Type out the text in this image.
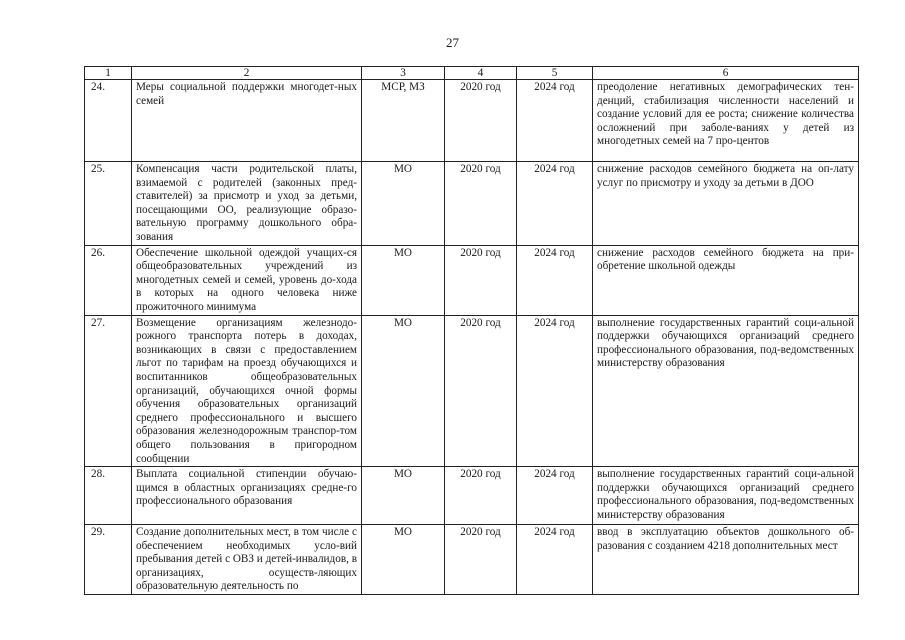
27
1	2	3	4	5	6
24.	Меры социальной поддержки многодет-ных семей	МСР, МЗ	2020 год	2024 год	преодоление негативных демографических тен-денций, стабилизация численности населений и создание условий для ее роста; снижение количества осложнений при заболе-ваниях у детей из многодетных семей на 7 про-центов
25.	Компенсация части родительской платы, взимаемой с родителей (законных пред-ставителей) за присмотр и уход за детьми, посещающими ОО, реализующие образо-вательную программу дошкольного обра-зования	МО	2020 год	2024 год	снижение расходов семейного бюджета на оп-лату услуг по присмотру и уходу за детьми в ДОО
26.	Обеспечение школьной одеждой учащих-ся общеобразовательных учреждений из многодетных семей и семей, уровень до-хода в которых на одного человека ниже прожиточного минимума	МО	2020 год	2024 год	снижение расходов семейного бюджета на при-обретение школьной одежды
27.	Возмещение организациям железнодо-рожного транспорта потерь в доходах, возникающих в связи с предоставлением льгот по тарифам на проезд обучающихся и воспитанников общеобразовательных организаций, обучающихся очной формы обучения образовательных организаций среднего профессионального и высшего образования железнодорожным транспор-том общего пользования в пригородном сообщении	МО	2020 год	2024 год	выполнение государственных гарантий соци-альной поддержки обучающихся организаций среднего профессионального образования, под-ведомственных министерству образования
28.	Выплата социальной стипендии обучаю-щимся в областных организациях средне-го профессионального образования	МО	2020 год	2024 год	выполнение государственных гарантий соци-альной поддержки обучающихся организаций среднего профессионального образования, под-ведомственных министерству образования
29.	Создание дополнительных мест, в том числе с обеспечением необходимых усло-вий пребывания детей с ОВЗ и детей-инвалидов, в организациях, осуществ-ляющих образовательную деятельность по	МО	2020 год	2024 год	ввод в эксплуатацию объектов дошкольного об-разования с созданием 4218 дополнительных мест
